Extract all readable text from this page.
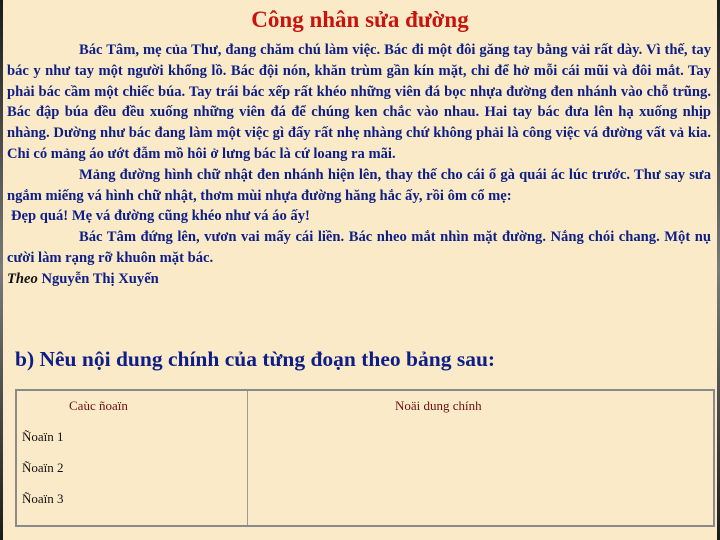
Công nhân sửa đường

Bác Tâm, mẹ của Thư, đang chăm chú làm việc. Bác đi một đôi găng tay bằng vải rất dày. Vì thế, tay bác y như tay một người khổng lồ. Bác đội nón, khăn trùm gần kín mặt, chỉ để hở mỗi cái mũi và đôi mắt. Tay phải bác cầm một chiếc búa. Tay trái bác xếp rất khéo những viên đá bọc nhựa đường đen nhánh vào chỗ trũng. Bác đập búa đều đều xuống những viên đá để chúng ken chắc vào nhau. Hai tay bác đưa lên hạ xuống nhịp nhàng. Dường như bác đang làm một việc gì đấy rất nhẹ nhàng chứ không phải là công việc vá đường vất vả kia. Chỉ có mảng áo ướt đẫm mồ hôi ở lưng bác là cứ loang ra mãi.

Mảng đường hình chữ nhật đen nhánh hiện lên, thay thế cho cái ổ gà quái ác lúc trước. Thư say sưa ngắm miếng vá hình chữ nhật, thơm mùi nhựa đường hăng hắc ấy, rồi ôm cổ mẹ:

Đẹp quá! Mẹ vá đường cũng khéo như vá áo ấy!

Bác Tâm đứng lên, vươn vai mấy cái liền. Bác nheo mắt nhìn mặt đường. Nắng chói chang. Một nụ cười làm rạng rỡ khuôn mặt bác.

Theo Nguyễn Thị Xuyến

b) Nêu nội dung chính của từng đoạn theo bảng sau:
Caùc ñoaïn	Noäi dung chính
Ñoaïn 1
Ñoaïn 2
Ñoaïn 3
